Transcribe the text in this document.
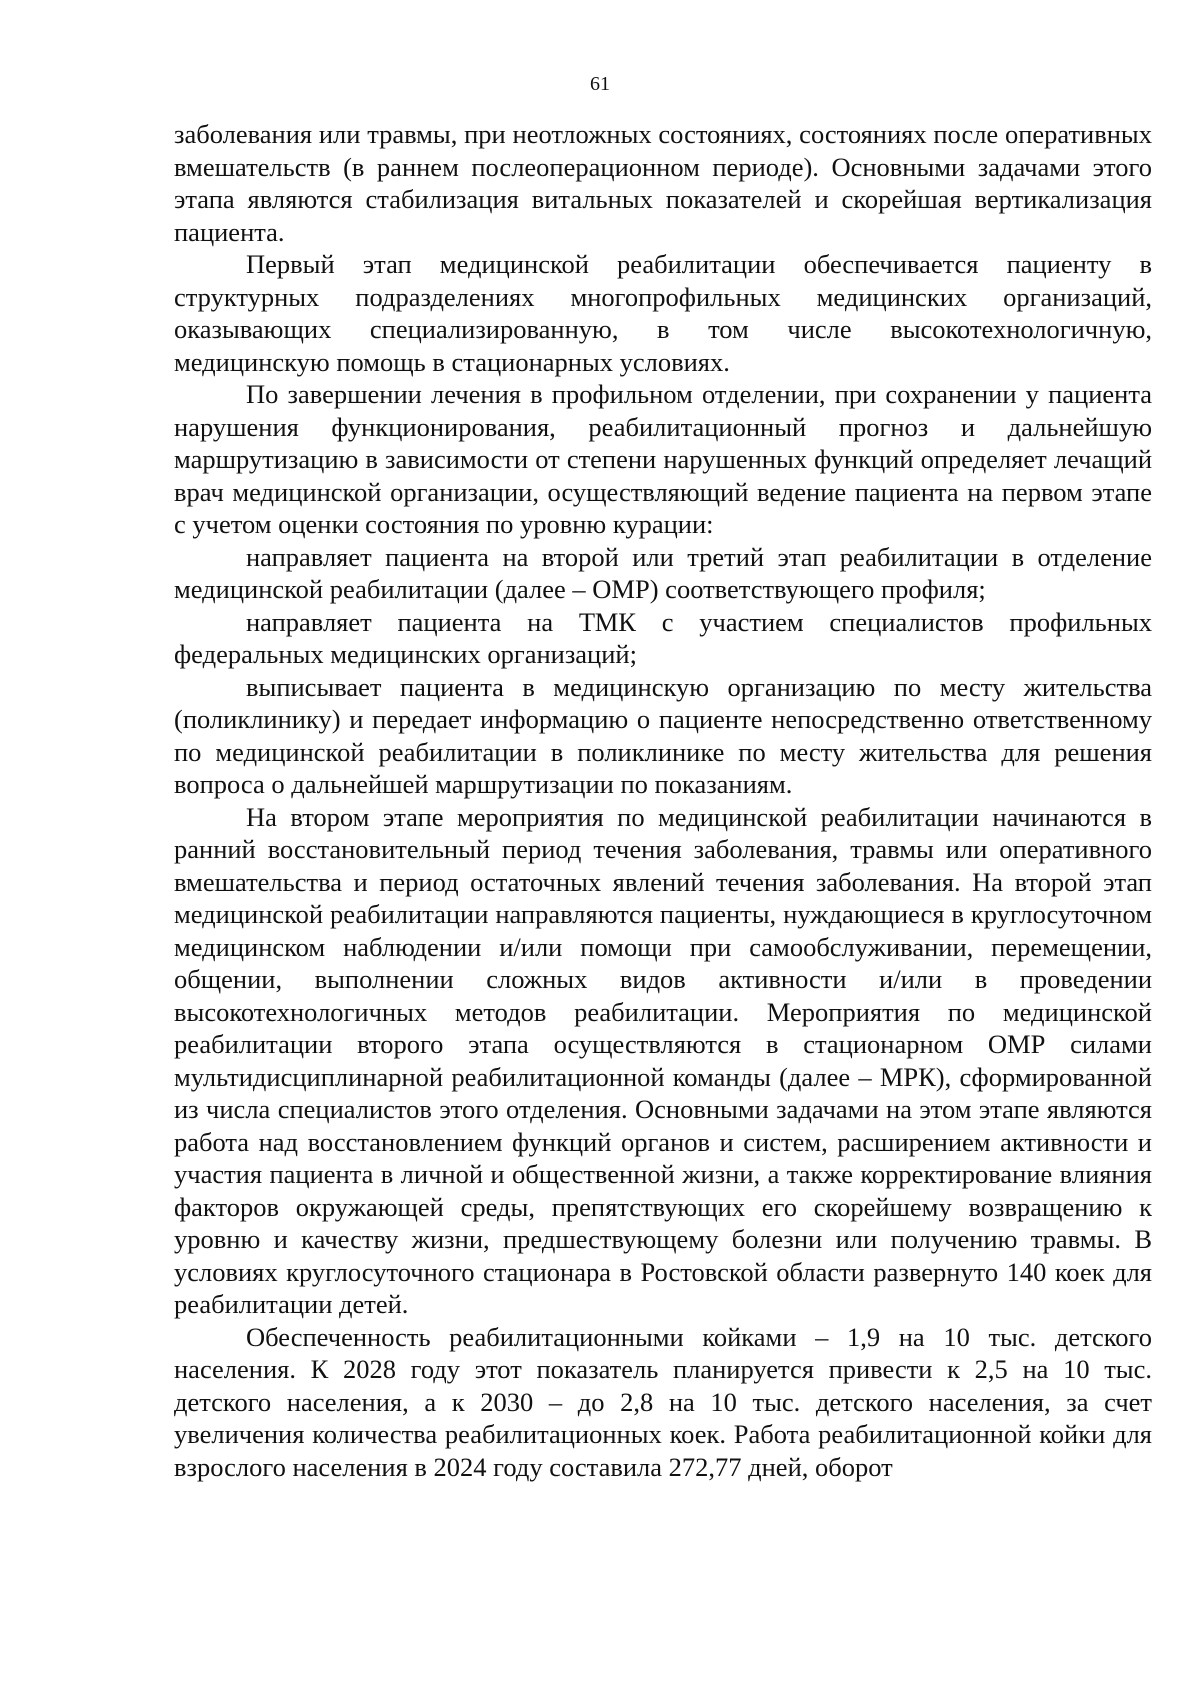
61

заболевания или травмы, при неотложных состояниях, состояниях после оперативных вмешательств (в раннем послеоперационном периоде). Основными задачами этого этапа являются стабилизация витальных показателей и скорейшая вертикализация пациента.

Первый этап медицинской реабилитации обеспечивается пациенту в структурных подразделениях многопрофильных медицинских организаций, оказывающих специализированную, в том числе высокотехнологичную, медицинскую помощь в стационарных условиях.

По завершении лечения в профильном отделении, при сохранении у пациента нарушения функционирования, реабилитационный прогноз и дальнейшую маршрутизацию в зависимости от степени нарушенных функций определяет лечащий врач медицинской организации, осуществляющий ведение пациента на первом этапе с учетом оценки состояния по уровню курации:

направляет пациента на второй или третий этап реабилитации в отделение медицинской реабилитации (далее – ОМР) соответствующего профиля;

направляет пациента на ТМК с участием специалистов профильных федеральных медицинских организаций;

выписывает пациента в медицинскую организацию по месту жительства (поликлинику) и передает информацию о пациенте непосредственно ответственному по медицинской реабилитации в поликлинике по месту жительства для решения вопроса о дальнейшей маршрутизации по показаниям.

На втором этапе мероприятия по медицинской реабилитации начинаются в ранний восстановительный период течения заболевания, травмы или оперативного вмешательства и период остаточных явлений течения заболевания. На второй этап медицинской реабилитации направляются пациенты, нуждающиеся в круглосуточном медицинском наблюдении и/или помощи при самообслуживании, перемещении, общении, выполнении сложных видов активности и/или в проведении высокотехнологичных методов реабилитации. Мероприятия по медицинской реабилитации второго этапа осуществляются в стационарном ОМР силами мультидисциплинарной реабилитационной команды (далее – МРК), сформированной из числа специалистов этого отделения. Основными задачами на этом этапе являются работа над восстановлением функций органов и систем, расширением активности и участия пациента в личной и общественной жизни, а также корректирование влияния факторов окружающей среды, препятствующих его скорейшему возвращению к уровню и качеству жизни, предшествующему болезни или получению травмы. В условиях круглосуточного стационара в Ростовской области развернуто 140 коек для реабилитации детей.

Обеспеченность реабилитационными койками – 1,9 на 10 тыс. детского населения. К 2028 году этот показатель планируется привести к 2,5 на 10 тыс. детского населения, а к 2030 – до 2,8 на 10 тыс. детского населения, за счет увеличения количества реабилитационных коек. Работа реабилитационной койки для взрослого населения в 2024 году составила 272,77 дней, оборот
